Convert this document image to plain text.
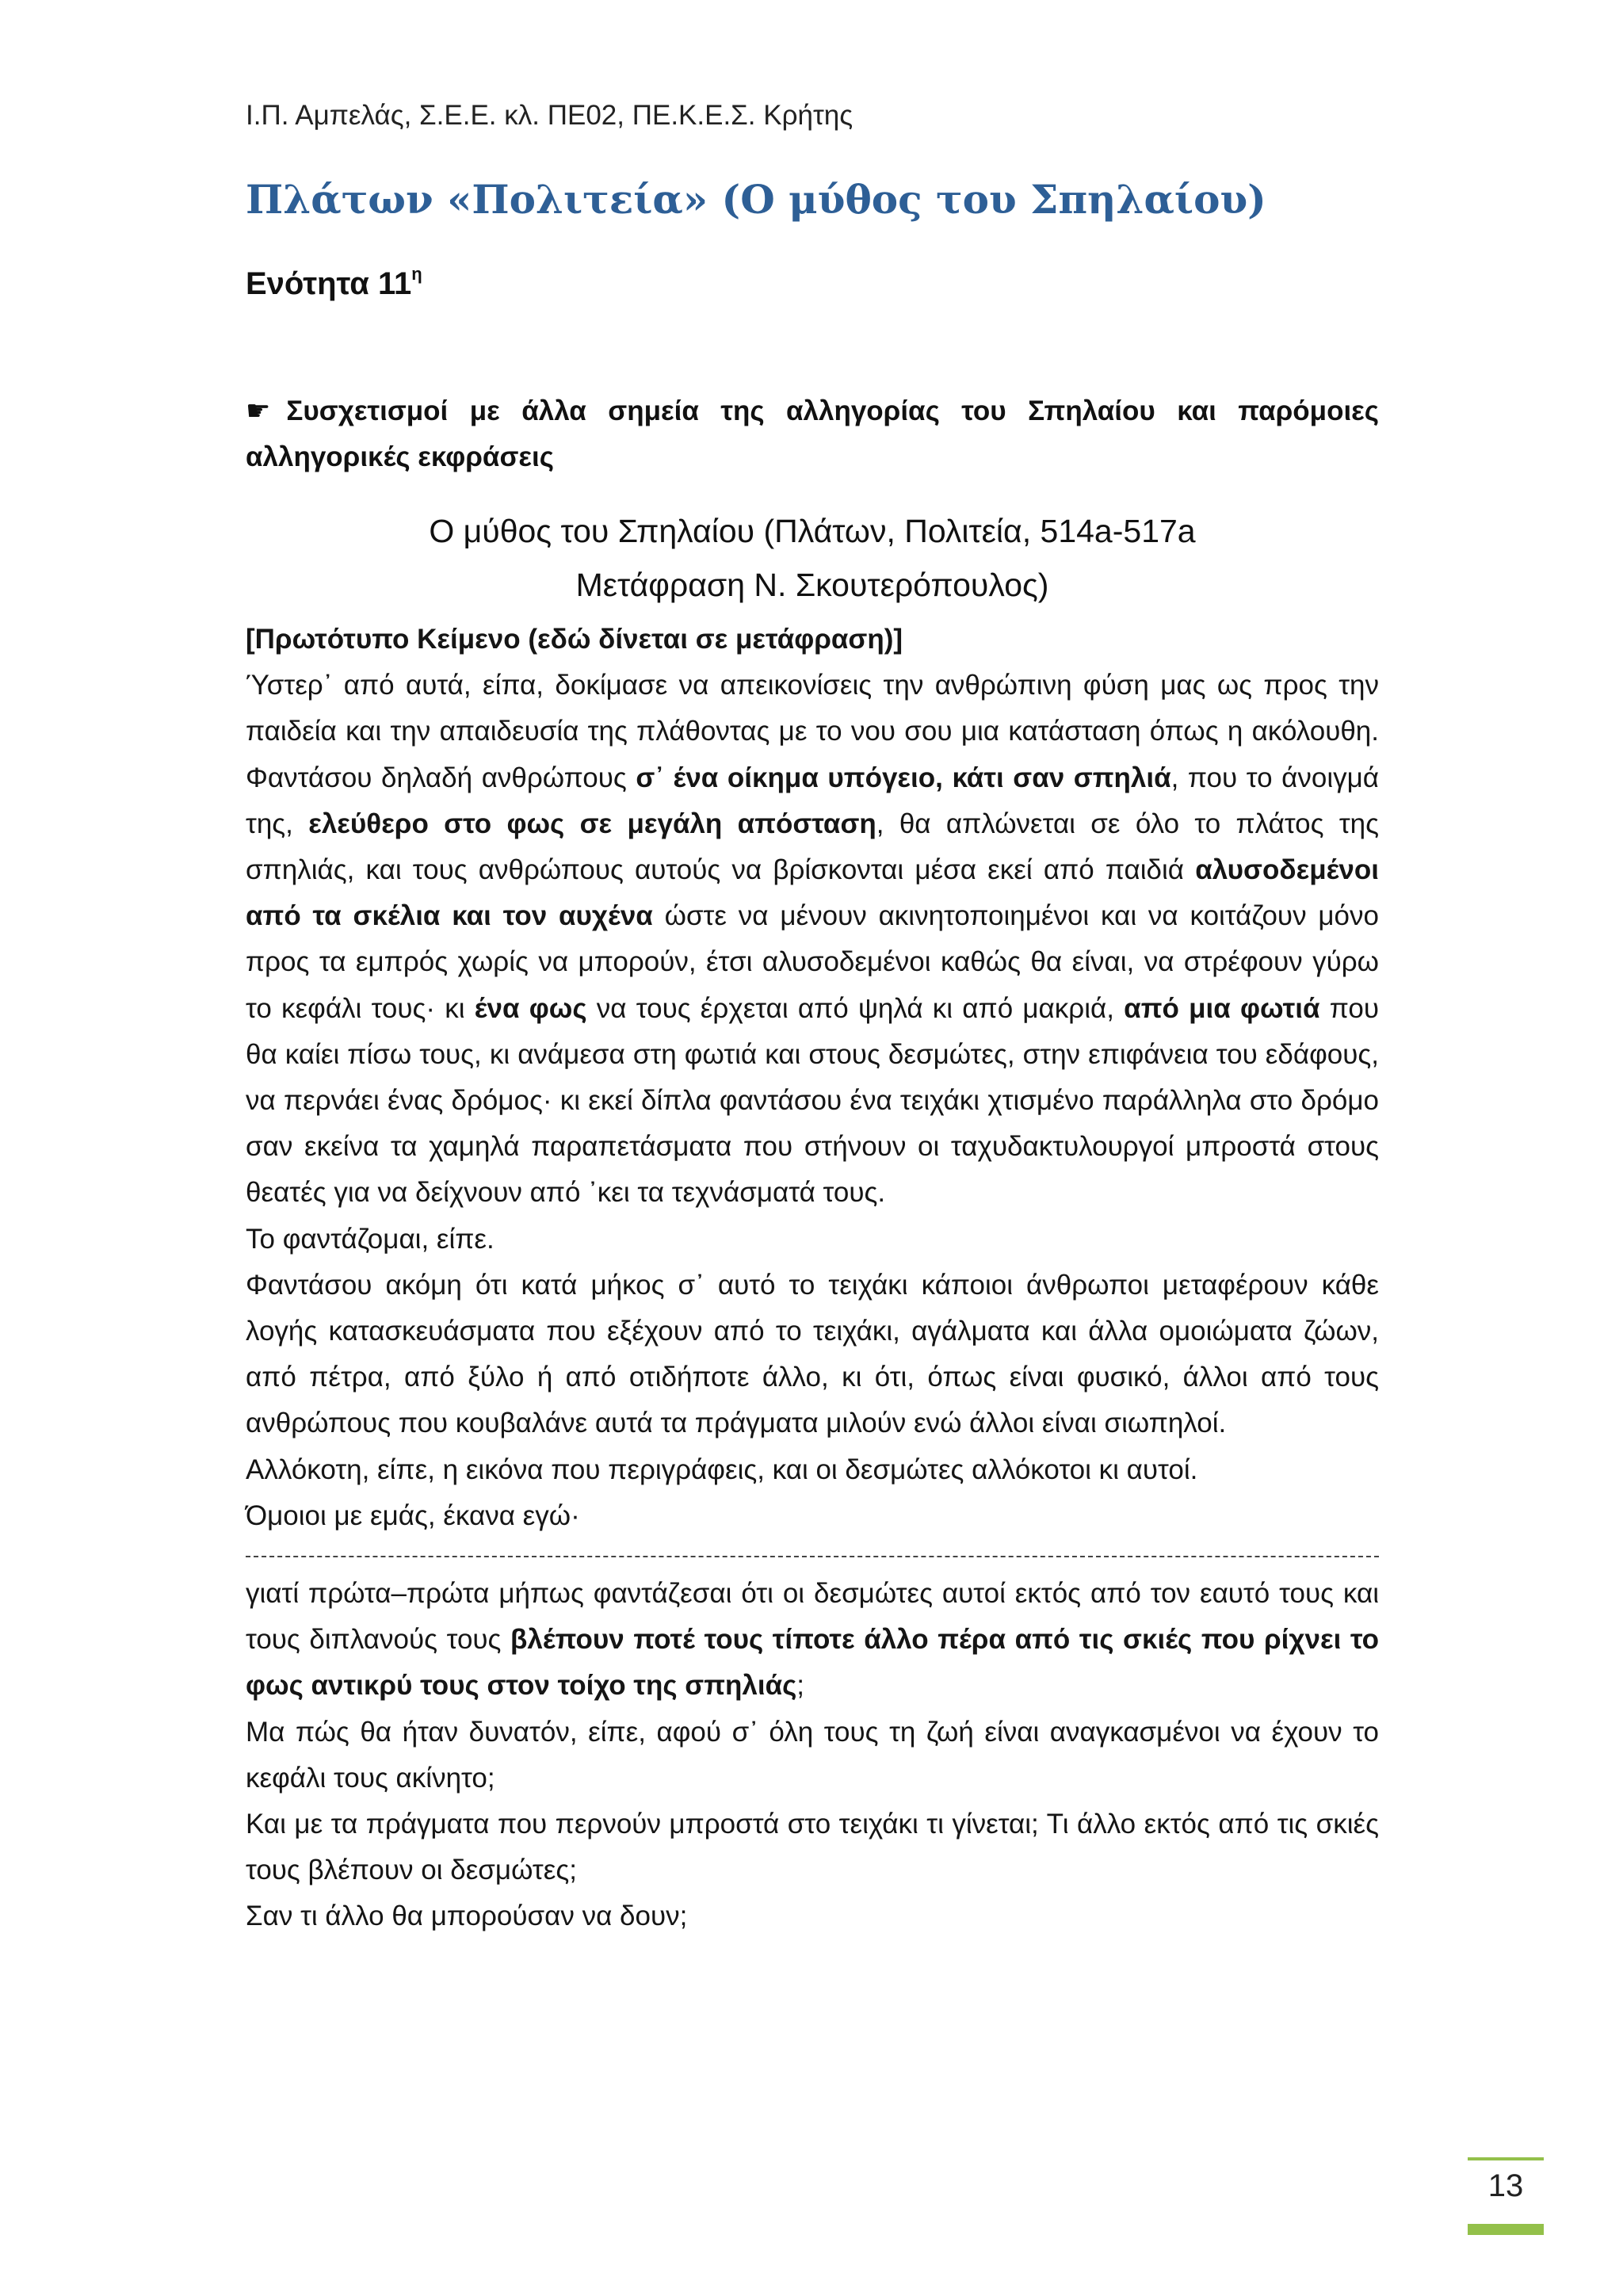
Ι.Π. Αμπελάς, Σ.Ε.Ε. κλ. ΠΕ02, ΠΕ.Κ.Ε.Σ. Κρήτης
Πλάτων «Πολιτεία» (Ο μύθος του Σπηλαίου)
Ενότητα $11^\eta$
☛ Συσχετισμοί με άλλα σημεία της αλληγορίας του Σπηλαίου και παρόμοιες αλληγορικές εκφράσεις
Ο μύθος του Σπηλαίου (Πλάτων, Πολιτεία, 514a-517a
Μετάφραση Ν. Σκουτερόπουλος)

[Πρωτότυπο Κείμενο (εδώ δίνεται σε μετάφραση)]

Ύστερ᾽ από αυτά, είπα, δοκίμασε να απεικονίσεις την ανθρώπινη φύση μας ως προς την παιδεία και την απαιδευσία της πλάθοντας με το νου σου μια κατάσταση όπως η ακόλουθη. Φαντάσου δηλαδή ανθρώπους σ᾽ ένα οίκημα υπόγειο, κάτι σαν σπηλιά, που το άνοιγμά της, ελεύθερο στο φως σε μεγάλη απόσταση, θα απλώνεται σε όλο το πλάτος της σπηλιάς, και τους ανθρώπους αυτούς να βρίσκονται μέσα εκεί από παιδιά αλυσοδεμένοι από τα σκέλια και τον αυχένα ώστε να μένουν ακινητοποιημένοι και να κοιτάζουν μόνο προς τα εμπρός χωρίς να μπορούν, έτσι αλυσοδεμένοι καθώς θα είναι, να στρέφουν γύρω το κεφάλι τους· κι ένα φως να τους έρχεται από ψηλά κι από μακριά, από μια φωτιά που θα καίει πίσω τους, κι ανάμεσα στη φωτιά και στους δεσμώτες, στην επιφάνεια του εδάφους, να περνάει ένας δρόμος· κι εκεί δίπλα φαντάσου ένα τειχάκι χτισμένο παράλληλα στο δρόμο σαν εκείνα τα χαμηλά παραπετάσματα που στήνουν οι ταχυδακτυλουργοί μπροστά στους θεατές για να δείχνουν από ᾽κει τα τεχνάσματά τους.

Το φαντάζομαι, είπε.

Φαντάσου ακόμη ότι κατά μήκος σ᾽ αυτό το τειχάκι κάποιοι άνθρωποι μεταφέρουν κάθε λογής κατασκευάσματα που εξέχουν από το τειχάκι, αγάλματα και άλλα ομοιώματα ζώων, από πέτρα, από ξύλο ή από οτιδήποτε άλλο, κι ότι, όπως είναι φυσικό, άλλοι από τους ανθρώπους που κουβαλάνε αυτά τα πράγματα μιλούν ενώ άλλοι είναι σιωπηλοί.

Αλλόκοτη, είπε, η εικόνα που περιγράφεις, και οι δεσμώτες αλλόκοτοι κι αυτοί.

Όμοιοι με εμάς, έκανα εγώ·

γιατί πρώτα–πρώτα μήπως φαντάζεσαι ότι οι δεσμώτες αυτοί εκτός από τον εαυτό τους και τους διπλανούς τους βλέπουν ποτέ τους τίποτε άλλο πέρα από τις σκιές που ρίχνει το φως αντικρύ τους στον τοίχο της σπηλιάς;

Μα πώς θα ήταν δυνατόν, είπε, αφού σ᾽ όλη τους τη ζωή είναι αναγκασμένοι να έχουν το κεφάλι τους ακίνητο;

Και με τα πράγματα που περνούν μπροστά στο τειχάκι τι γίνεται; Τι άλλο εκτός από τις σκιές τους βλέπουν οι δεσμώτες;

Σαν τι άλλο θα μπορούσαν να δουν;

13
